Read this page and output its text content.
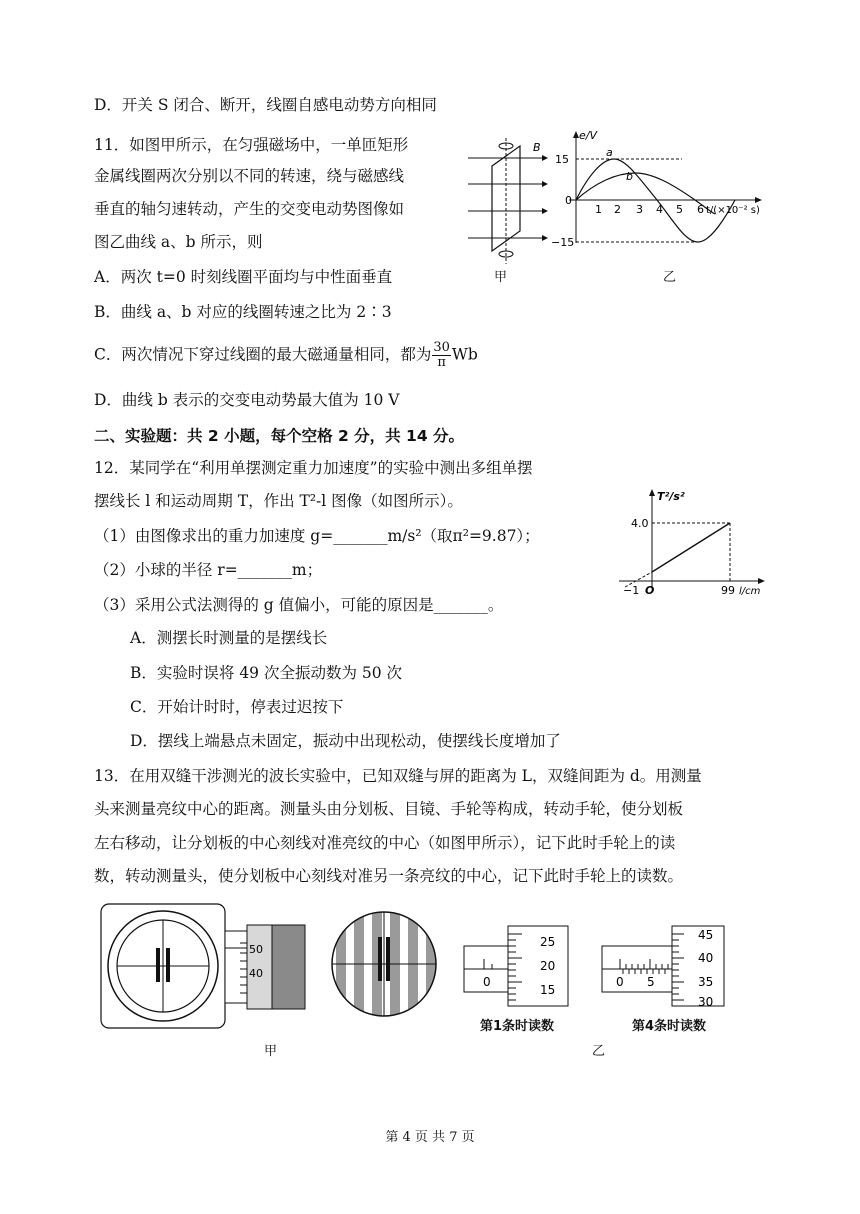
D．开关 S 闭合、断开，线圈自感电动势方向相同
11．如图甲所示，在匀强磁场中，一单匝矩形
金属线圈两次分别以不同的转速，绕与磁感线
垂直的轴匀速转动，产生的交变电动势图像如
图乙曲线 a、b 所示，则
A．两次 t=0 时刻线圈平面均与中性面垂直
B．曲线 a、b 对应的线圈转速之比为 2∶3
C．两次情况下穿过线圈的最大磁通量相同，都为 $\frac{30}{\pi}$ Wb
D．曲线 b 表示的交变电动势最大值为 10 V
B
甲
e/V
15
0
−15
1 2 3 4 5 6 t/(×10⁻² s)
a
b
乙
二、实验题：共 2 小题，每个空格 2 分，共 14 分。
12．某同学在“利用单摆测定重力加速度”的实验中测出多组单摆
摆线长 l 和运动周期 T，作出 T²-l 图像（如图所示）。
（1）由图像求出的重力加速度 g=_______m/s²（取π²=9.87）；
（2）小球的半径 r=_______m；
（3）采用公式法测得的 g 值偏小，可能的原因是_______。
A．测摆长时测量的是摆线长
B．实验时误将 49 次全振动数为 50 次
C．开始计时时，停表过迟按下
D．摆线上端悬点未固定，振动中出现松动，使摆线长度增加了
T²/s²
4.0
−1 O	99 l/cm
13．在用双缝干涉测光的波长实验中，已知双缝与屏的距离为 L，双缝间距为 d。用测量
头来测量亮纹中心的距离。测量头由分划板、目镜、手轮等构成，转动手轮，使分划板
左右移动，让分划板的中心刻线对准亮纹的中心（如图甲所示），记下此时手轮上的读
数，转动测量头，使分划板中心刻线对准另一条亮纹的中心，记下此时手轮上的读数。
50
40
甲
25
20
15
0
第1条时读数
45
40
35
30
0 5
第4条时读数
乙
第 4 页 共 7 页
